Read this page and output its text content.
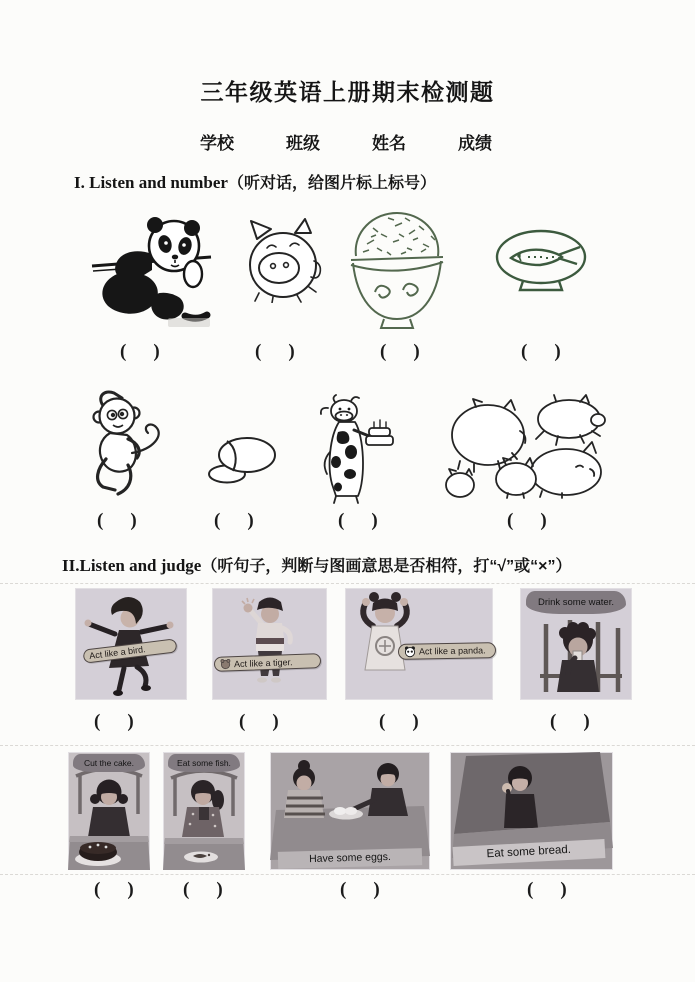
三年级英语上册期末检测题
学校	班级	姓名	成绩
I. Listen and number（听对话，给图片标上标号）
( )	( )	( )	( )
( )	( )	( )	( )
II.Listen and judge（听句子，判断与图画意思是否相符，打“√”或“×”）
Act like a bird.
Act like a tiger.
Act like a panda.
Drink some water.
( )	( )	( )	( )
Cut the cake.	Eat some fish.
Have some eggs.	Eat some bread.
( )	( )	( )	( )
